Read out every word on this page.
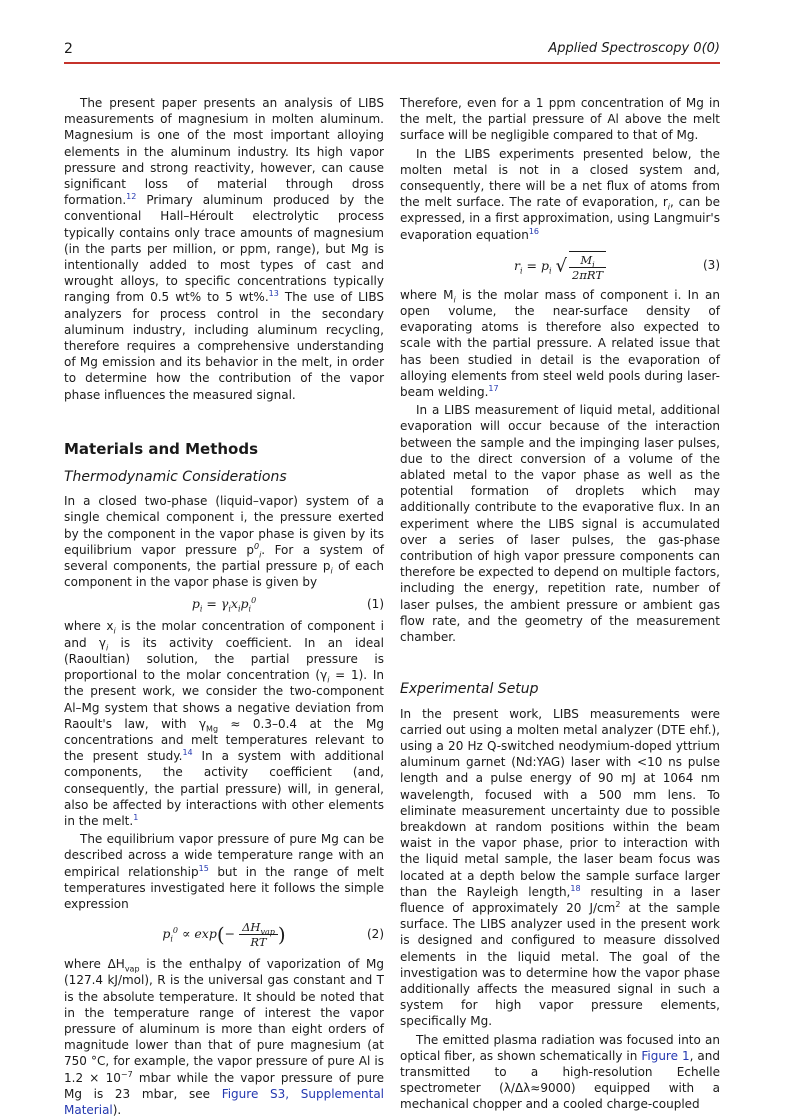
2	Applied Spectroscopy 0(0)

The present paper presents an analysis of LIBS measurements of magnesium in molten aluminum. Magnesium is one of the most important alloying elements in the aluminum industry. Its high vapor pressure and strong reactivity, however, can cause significant loss of material through dross formation.$^{12}$ Primary aluminum produced by the conventional Hall–Héroult electrolytic process typically contains only trace amounts of magnesium (in the parts per million, or ppm, range), but Mg is intentionally added to most types of cast and wrought alloys, to specific concentrations typically ranging from 0.5 wt% to 5 wt%.$^{13}$ The use of LIBS analyzers for process control in the secondary aluminum industry, including aluminum recycling, therefore requires a comprehensive understanding of Mg emission and its behavior in the melt, in order to determine how the contribution of the vapor phase influences the measured signal.

Materials and Methods
Thermodynamic Considerations

In a closed two-phase (liquid–vapor) system of a single chemical component i, the pressure exerted by the component in the vapor phase is given by its equilibrium vapor pressure $p^0_i$. For a system of several components, the partial pressure $p_i$ of each component in the vapor phase is given by

$p_i = \gamma_ix_ip_i^0$	(1)

where $x_i$ is the molar concentration of component i and $\gamma_i$ is its activity coefficient. In an ideal (Raoultian) solution, the partial pressure is proportional to the molar concentration $(\gamma_i = 1)$. In the present work, we consider the two-component Al–Mg system that shows a negative deviation from Raoult's law, with $\gamma_{Mg} \approx 0.3-0.4$ at the Mg concentrations and melt temperatures relevant to the present study.$^{14}$ In a system with additional components, the activity coefficient (and, consequently, the partial pressure) will, in general, also be affected by interactions with other elements in the melt.$^1$

The equilibrium vapor pressure of pure Mg can be described across a wide temperature range with an empirical relationship$^{15}$ but in the range of melt temperatures investigated here it follows the simple expression

$p_i^0 \propto \exp(- \frac{\Delta H_{vap}}{RT}$ )	(2)

where $\Delta H_{vap}$ is the enthalpy of vaporization of Mg (127.4 kJ/mol), R is the universal gas constant and T is the absolute temperature. It should be noted that in the temperature range of interest the vapor pressure of aluminum is more than eight orders of magnitude lower than that of pure magnesium (at 750 °C, for example, the vapor pressure of pure Al is $1.2 \times 10^{-7}$ mbar while the vapor pressure of pure Mg is 23 mbar, see Figure S3, Supplemental Material).

Therefore, even for a 1 ppm concentration of Mg in the melt, the partial pressure of Al above the melt surface will be negligible compared to that of Mg.

In the LIBS experiments presented below, the molten metal is not in a closed system and, consequently, there will be a net flux of atoms from the melt surface. The rate of evaporation, $r_i$, can be expressed, in a first approximation, using Langmuir's evaporation equation$^{16}$

$r_i = p_i$ √ $\frac{M_i}{\text{2πRT}}$	(3)

where $M_i$ is the molar mass of component i. In an open volume, the near-surface density of evaporating atoms is therefore also expected to scale with the partial pressure. A related issue that has been studied in detail is the evaporation of alloying elements from steel weld pools during laser-beam welding.$^{17}$

In a LIBS measurement of liquid metal, additional evaporation will occur because of the interaction between the sample and the impinging laser pulses, due to the direct conversion of a volume of the ablated metal to the vapor phase as well as the potential formation of droplets which may additionally contribute to the evaporative flux. In an experiment where the LIBS signal is accumulated over a series of laser pulses, the gas-phase contribution of high vapor pressure components can therefore be expected to depend on multiple factors, including the energy, repetition rate, number of laser pulses, the ambient pressure or ambient gas flow rate, and the geometry of the measurement chamber.

Experimental Setup

In the present work, LIBS measurements were carried out using a molten metal analyzer (DTE ehf.), using a 20 Hz Q-switched neodymium-doped yttrium aluminum garnet (Nd:YAG) laser with <10 ns pulse length and a pulse energy of 90 mJ at 1064 nm wavelength, focused with a 500 mm lens. To eliminate measurement uncertainty due to possible breakdown at random positions within the beam waist in the vapor phase, prior to interaction with the liquid metal sample, the laser beam focus was located at a depth below the sample surface larger than the Rayleigh length,$^{18}$ resulting in a laser fluence of approximately 20 $J/cm^2$ at the sample surface. The LIBS analyzer used in the present work is designed and configured to measure dissolved elements in the liquid metal. The goal of the investigation was to determine how the vapor phase additionally affects the measured signal in such a system for high vapor pressure elements, specifically Mg.

The emitted plasma radiation was focused into an optical fiber, as shown schematically in Figure 1, and transmitted to a high-resolution Echelle spectrometer (λ/Δλ≈9000) equipped with a mechanical chopper and a cooled charge-coupled
